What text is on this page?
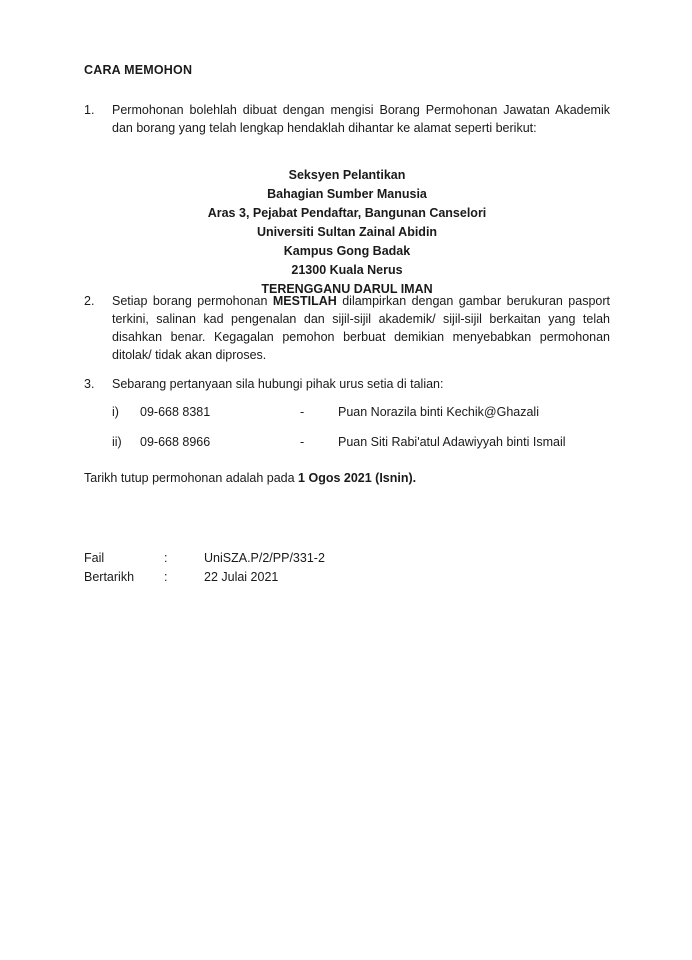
CARA MEMOHON
1.	Permohonan bolehlah dibuat dengan mengisi Borang Permohonan Jawatan Akademik dan borang yang telah lengkap hendaklah dihantar ke alamat seperti berikut:
Seksyen Pelantikan
Bahagian Sumber Manusia
Aras 3, Pejabat Pendaftar, Bangunan Canselori
Universiti Sultan Zainal Abidin
Kampus Gong Badak
21300 Kuala Nerus
TERENGGANU DARUL IMAN
2.	Setiap borang permohonan MESTILAH dilampirkan dengan gambar berukuran pasport terkini, salinan kad pengenalan dan sijil-sijil akademik/ sijil-sijil berkaitan yang telah disahkan benar. Kegagalan pemohon berbuat demikian menyebabkan permohonan ditolak/ tidak akan diproses.
3.	Sebarang pertanyaan sila hubungi pihak urus setia di talian:
i)	09-668 8381	-	Puan Norazila binti Kechik@Ghazali
ii)	09-668 8966	-	Puan Siti Rabi'atul Adawiyyah binti Ismail
Tarikh tutup permohonan adalah pada 1 Ogos 2021 (Isnin).
Fail	:	UniSZA.P/2/PP/331-2
Bertarikh	:	22 Julai 2021
